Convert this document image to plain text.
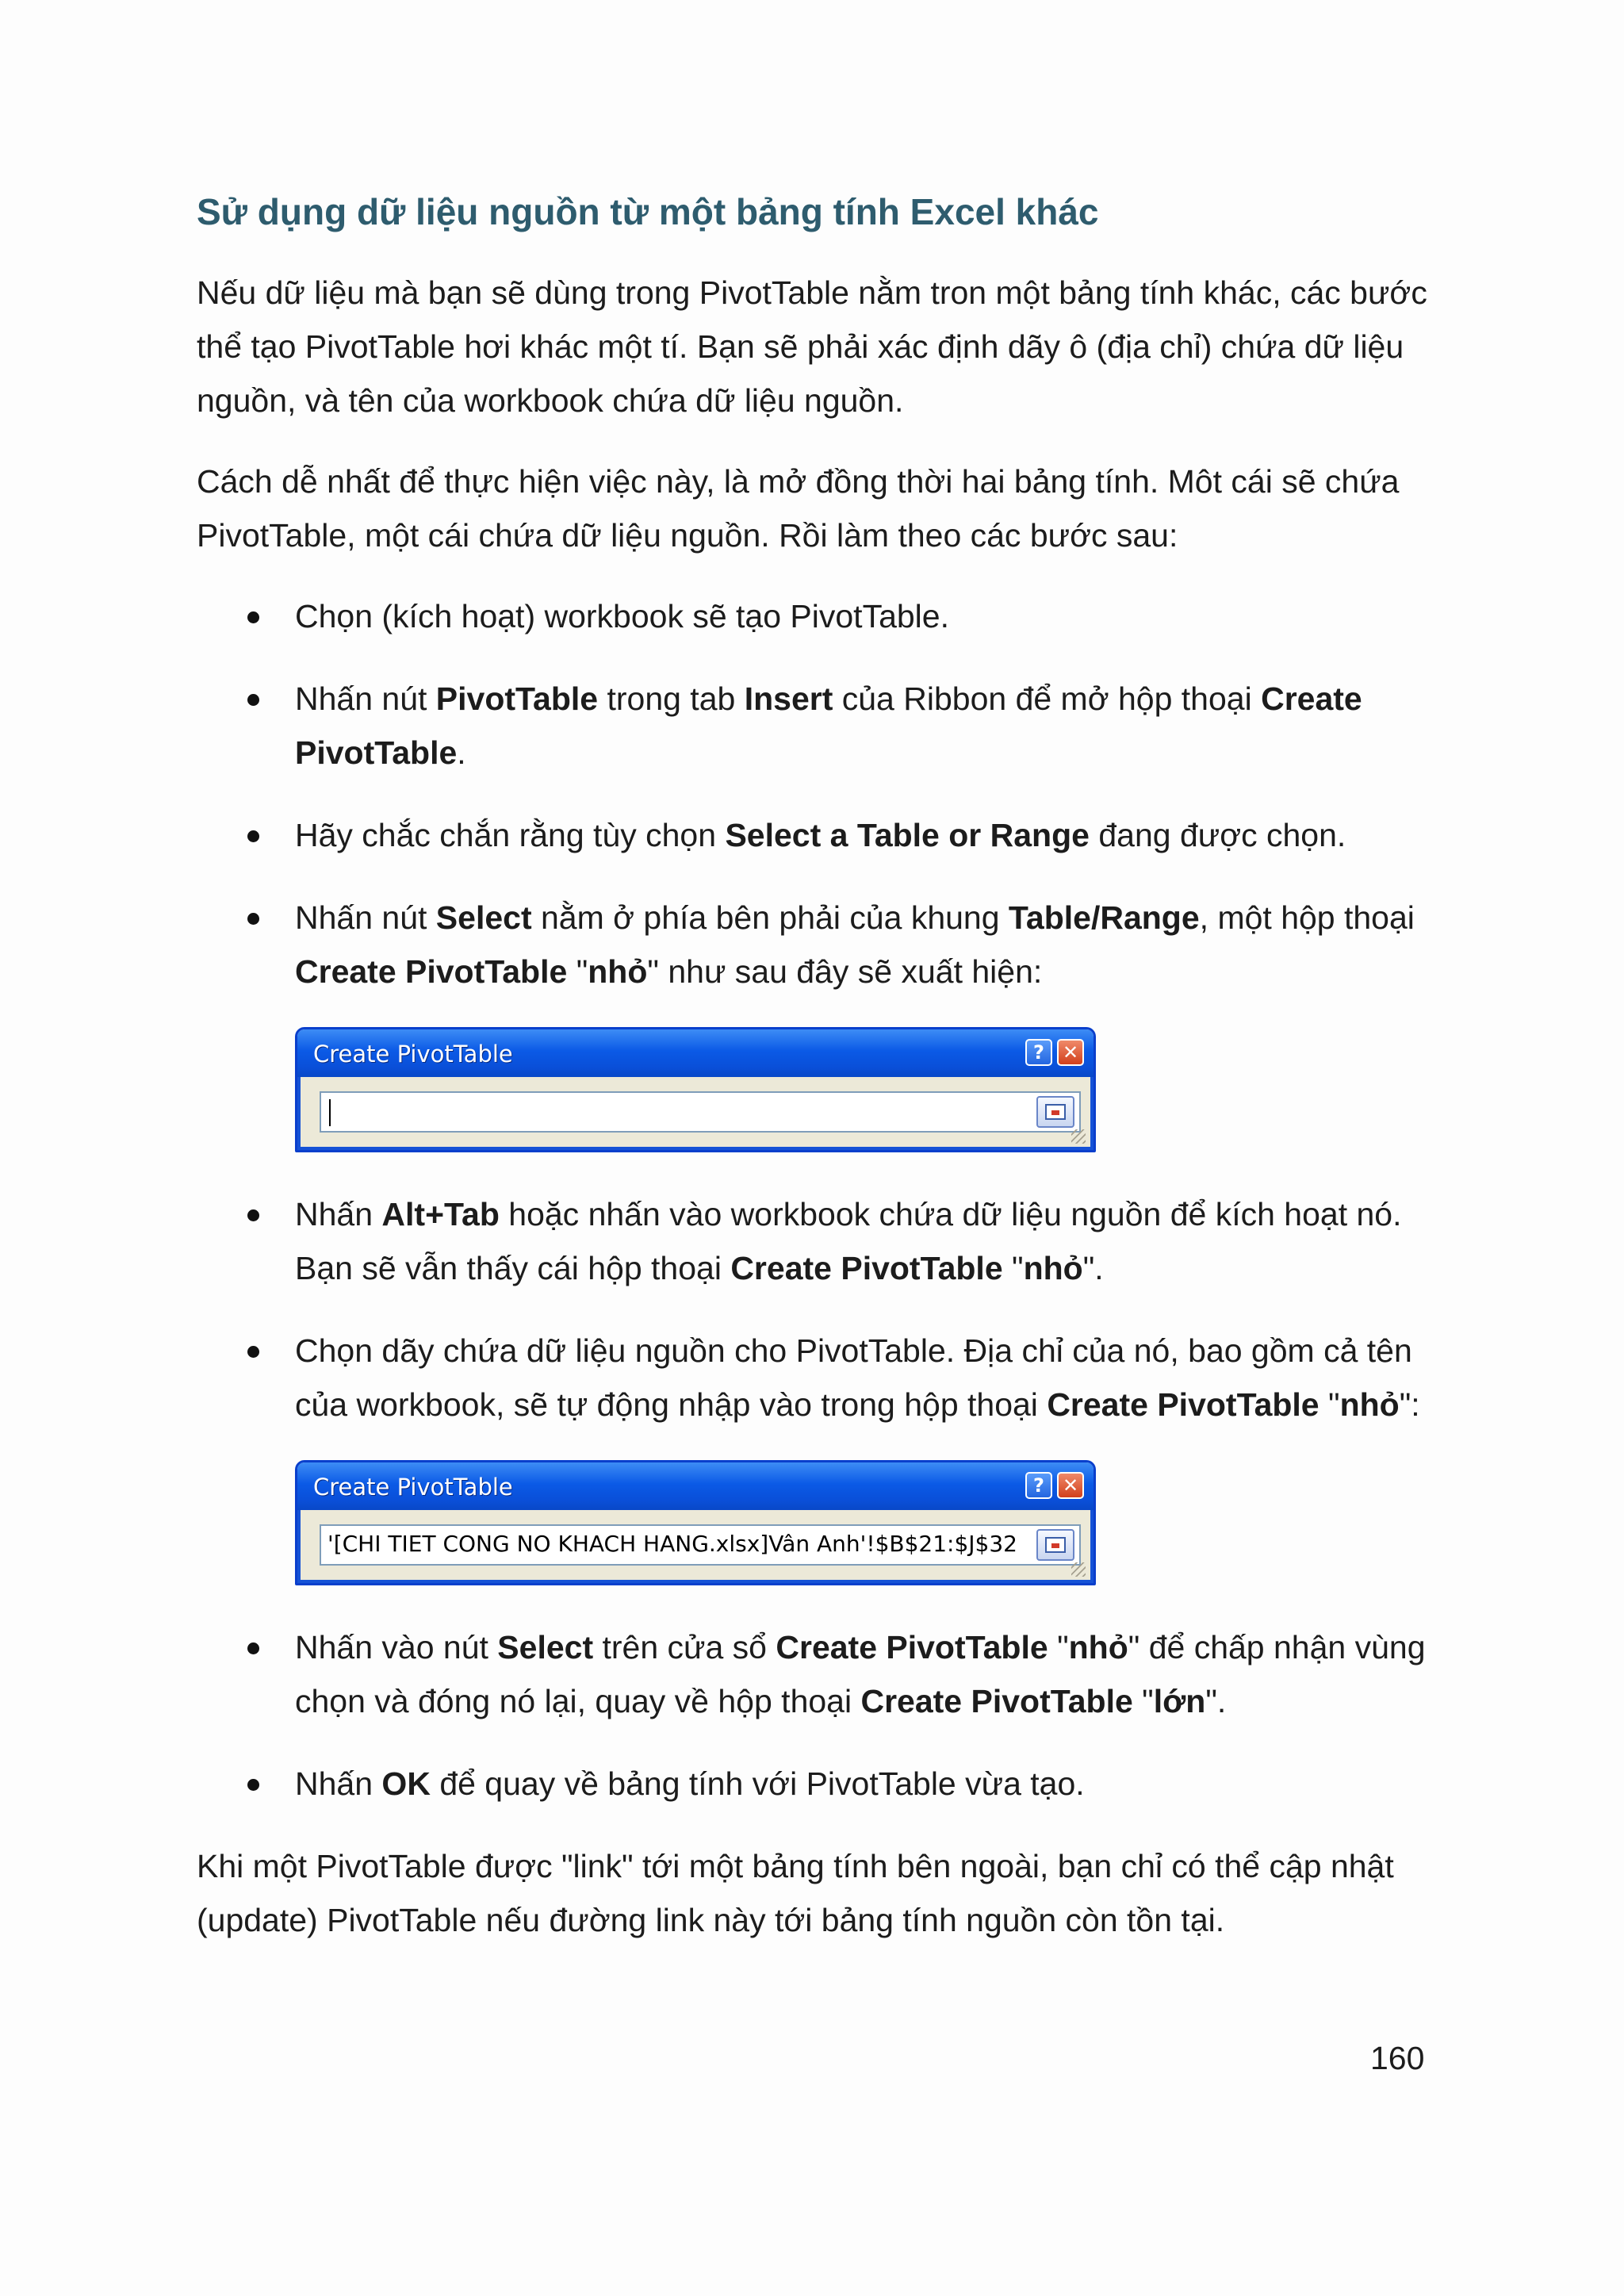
Sử dụng dữ liệu nguồn từ một bảng tính Excel khác

Nếu dữ liệu mà bạn sẽ dùng trong PivotTable nằm tron một bảng tính khác, các bước thể tạo PivotTable hơi khác một tí. Bạn sẽ phải xác định dãy ô (địa chỉ) chứa dữ liệu nguồn, và tên của workbook chứa dữ liệu nguồn.

Cách dễ nhất để thực hiện việc này, là mở đồng thời hai bảng tính. Môt cái sẽ chứa PivotTable, một cái chứa dữ liệu nguồn. Rồi làm theo các bước sau:

Chọn (kích hoạt) workbook sẽ tạo PivotTable.
Nhấn nút PivotTable trong tab Insert của Ribbon để mở hộp thoại Create PivotTable.
Hãy chắc chắn rằng tùy chọn Select a Table or Range đang được chọn.
Nhấn nút Select nằm ở phía bên phải của khung Table/Range, một hộp thoại Create PivotTable "nhỏ" như sau đây sẽ xuất hiện:
Create PivotTable	? ✕
Nhấn Alt+Tab hoặc nhấn vào workbook chứa dữ liệu nguồn để kích hoạt nó. Bạn sẽ vẫn thấy cái hộp thoại Create PivotTable "nhỏ".
Chọn dãy chứa dữ liệu nguồn cho PivotTable. Địa chỉ của nó, bao gồm cả tên của workbook, sẽ tự động nhập vào trong hộp thoại Create PivotTable "nhỏ":
Create PivotTable	? ✕
'[CHI TIET CONG NO KHACH HANG.xlsx]Vân Anh'!$B$21:$J$32
Nhấn vào nút Select trên cửa sổ Create PivotTable "nhỏ" để chấp nhận vùng chọn và đóng nó lại, quay về hộp thoại Create PivotTable "lớn".
Nhấn OK để quay về bảng tính với PivotTable vừa tạo.

Khi một PivotTable được "link" tới một bảng tính bên ngoài, bạn chỉ có thể cập nhật (update) PivotTable nếu đường link này tới bảng tính nguồn còn tồn tại.

160
